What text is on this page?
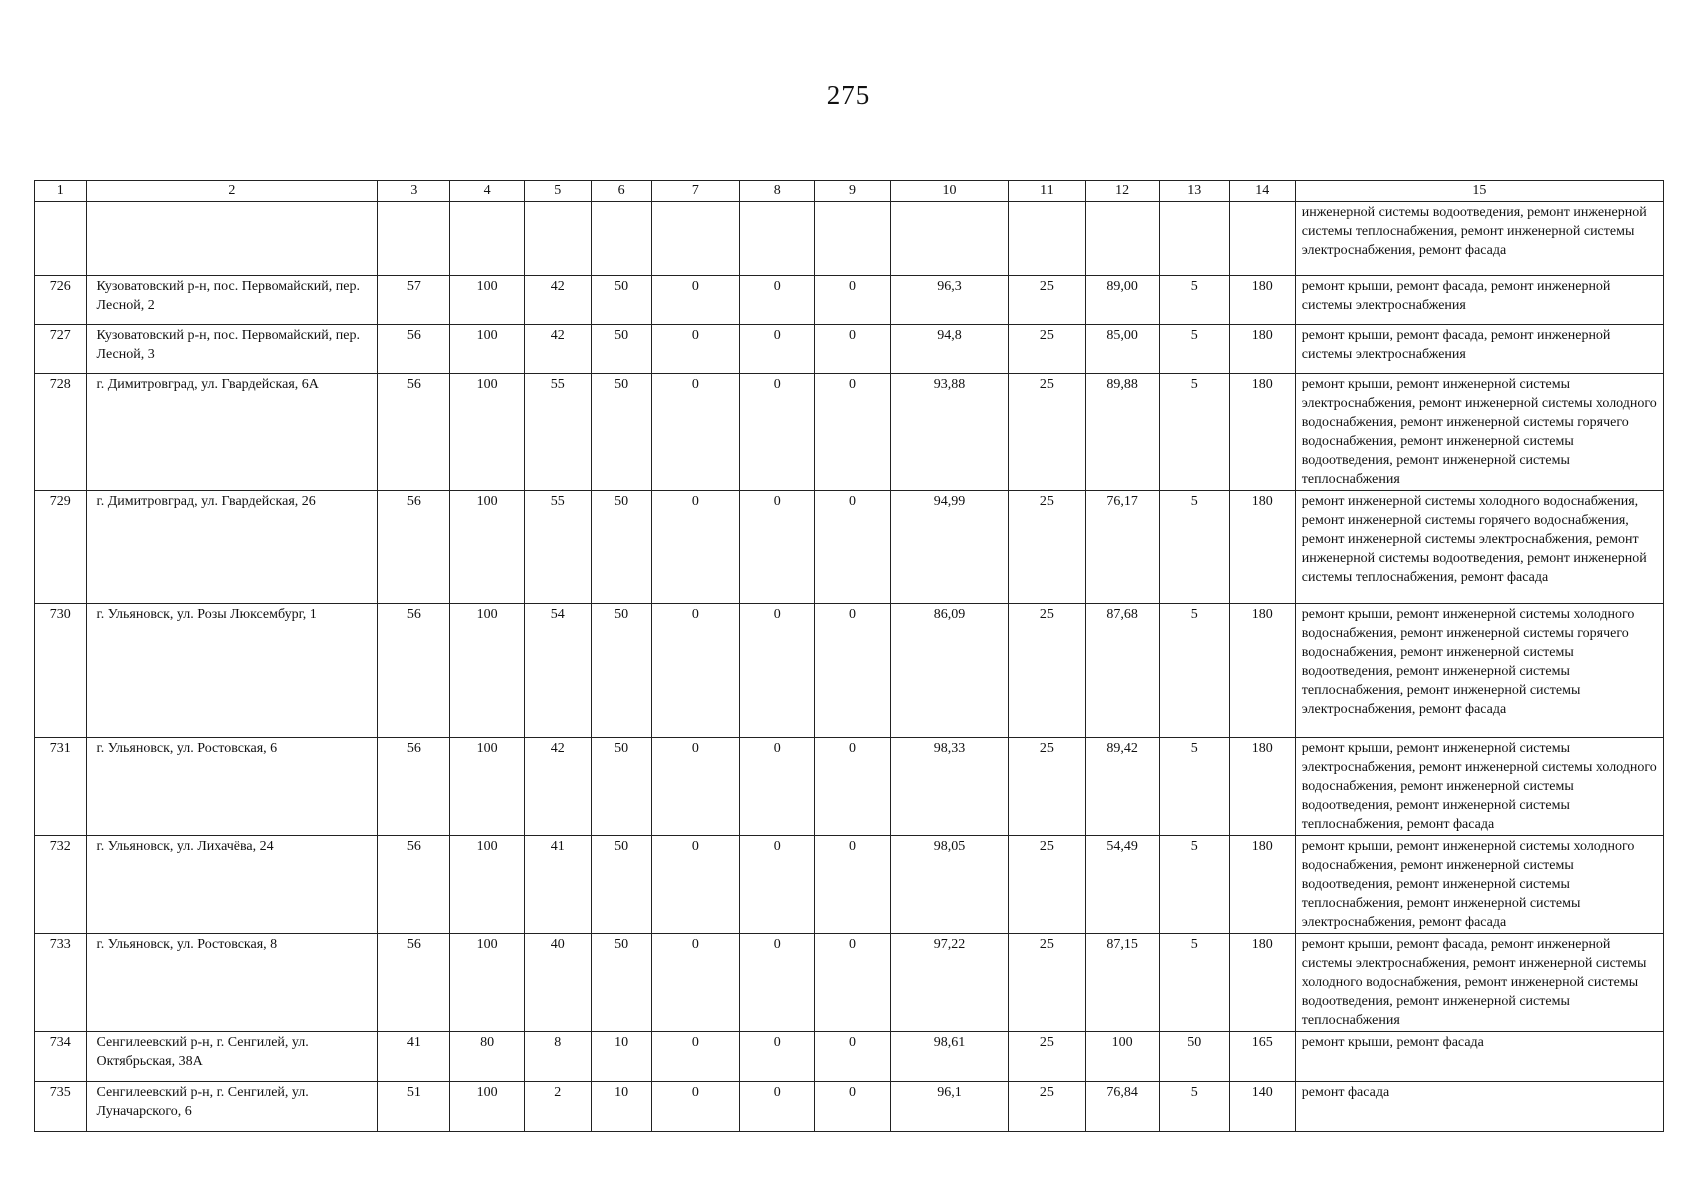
275
1	2	3	4	5	6	7	8	9	10	11	12	13	14	15
														инженерной системы водоотведения, ремонт инженерной системы теплоснабжения, ремонт инженерной системы электроснабжения, ремонт фасада
726	Кузоватовский р-н, пос. Первомайский, пер. Лесной, 2	57	100	42	50	0	0	0	96,3	25	89,00	5	180	ремонт крыши, ремонт фасада, ремонт инженерной системы электроснабжения
727	Кузоватовский р-н, пос. Первомайский, пер. Лесной, 3	56	100	42	50	0	0	0	94,8	25	85,00	5	180	ремонт крыши, ремонт фасада, ремонт инженерной системы электроснабжения
728	г. Димитровград, ул. Гвардейская, 6А	56	100	55	50	0	0	0	93,88	25	89,88	5	180	ремонт крыши, ремонт инженерной системы электроснабжения, ремонт инженерной системы холодного водоснабжения, ремонт инженерной системы горячего водоснабжения, ремонт инженерной системы водоотведения, ремонт инженерной системы теплоснабжения
729	г. Димитровград, ул. Гвардейская, 26	56	100	55	50	0	0	0	94,99	25	76,17	5	180	ремонт инженерной системы холодного водоснабжения, ремонт инженерной системы горячего водоснабжения, ремонт инженерной системы электроснабжения, ремонт инженерной системы водоотведения, ремонт инженерной системы теплоснабжения, ремонт фасада
730	г. Ульяновск, ул. Розы Люксембург, 1	56	100	54	50	0	0	0	86,09	25	87,68	5	180	ремонт крыши, ремонт инженерной системы холодного водоснабжения, ремонт инженерной системы горячего водоснабжения, ремонт инженерной системы водоотведения, ремонт инженерной системы теплоснабжения, ремонт инженерной системы электроснабжения, ремонт фасада
731	г. Ульяновск, ул. Ростовская, 6	56	100	42	50	0	0	0	98,33	25	89,42	5	180	ремонт крыши, ремонт инженерной системы электроснабжения, ремонт инженерной системы холодного водоснабжения, ремонт инженерной системы водоотведения, ремонт инженерной системы теплоснабжения, ремонт фасада
732	г. Ульяновск, ул. Лихачёва, 24	56	100	41	50	0	0	0	98,05	25	54,49	5	180	ремонт крыши, ремонт инженерной системы холодного водоснабжения, ремонт инженерной системы водоотведения, ремонт инженерной системы теплоснабжения, ремонт инженерной системы электроснабжения, ремонт фасада
733	г. Ульяновск, ул. Ростовская, 8	56	100	40	50	0	0	0	97,22	25	87,15	5	180	ремонт крыши, ремонт фасада, ремонт инженерной системы электроснабжения, ремонт инженерной системы холодного водоснабжения, ремонт инженерной системы водоотведения, ремонт инженерной системы теплоснабжения
734	Сенгилеевский р-н, г. Сенгилей, ул. Октябрьская, 38А	41	80	8	10	0	0	0	98,61	25	100	50	165	ремонт крыши, ремонт фасада
735	Сенгилеевский р-н, г. Сенгилей, ул. Луначарского, 6	51	100	2	10	0	0	0	96,1	25	76,84	5	140	ремонт фасада
